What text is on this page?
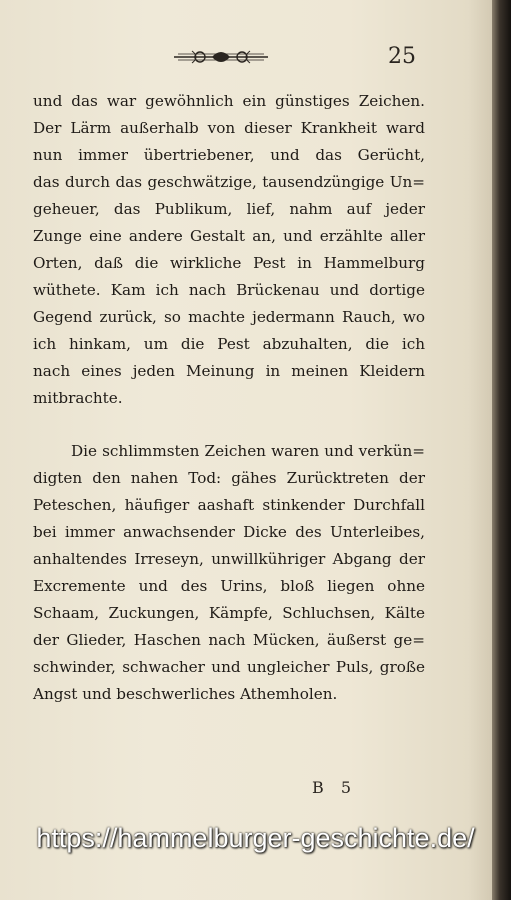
25
und das war gewöhnlich ein günstiges Zeichen.
Der Lärm außerhalb von dieser Krankheit ward
nun immer übertriebener, und das Gerücht,
das durch das geschwätzige, tausendzüngige Un=
geheuer, das Publikum, lief, nahm auf jeder
Zunge eine andere Gestalt an, und erzählte aller
Orten, daß die wirkliche Pest in Hammelburg
wüthete. Kam ich nach Brückenau und dortige
Gegend zurück, so machte jedermann Rauch, wo
ich hinkam, um die Pest abzuhalten, die ich
nach eines jeden Meinung in meinen Kleidern
mitbrachte.
Die schlimmsten Zeichen waren und verkün=
digten den nahen Tod: gähes Zurücktreten der
Peteschen, häufiger aashaft stinkender Durchfall
bei immer anwachsender Dicke des Unterleibes,
anhaltendes Irreseyn, unwillkühriger Abgang der
Excremente und des Urins, bloß liegen ohne
Schaam, Zuckungen, Kämpfe, Schluchsen, Kälte
der Glieder, Haschen nach Mücken, äußerst ge=
schwinder, schwacher und ungleicher Puls, große
Angst und beschwerliches Athemholen.
B 5
https://hammelburger-geschichte.de/
